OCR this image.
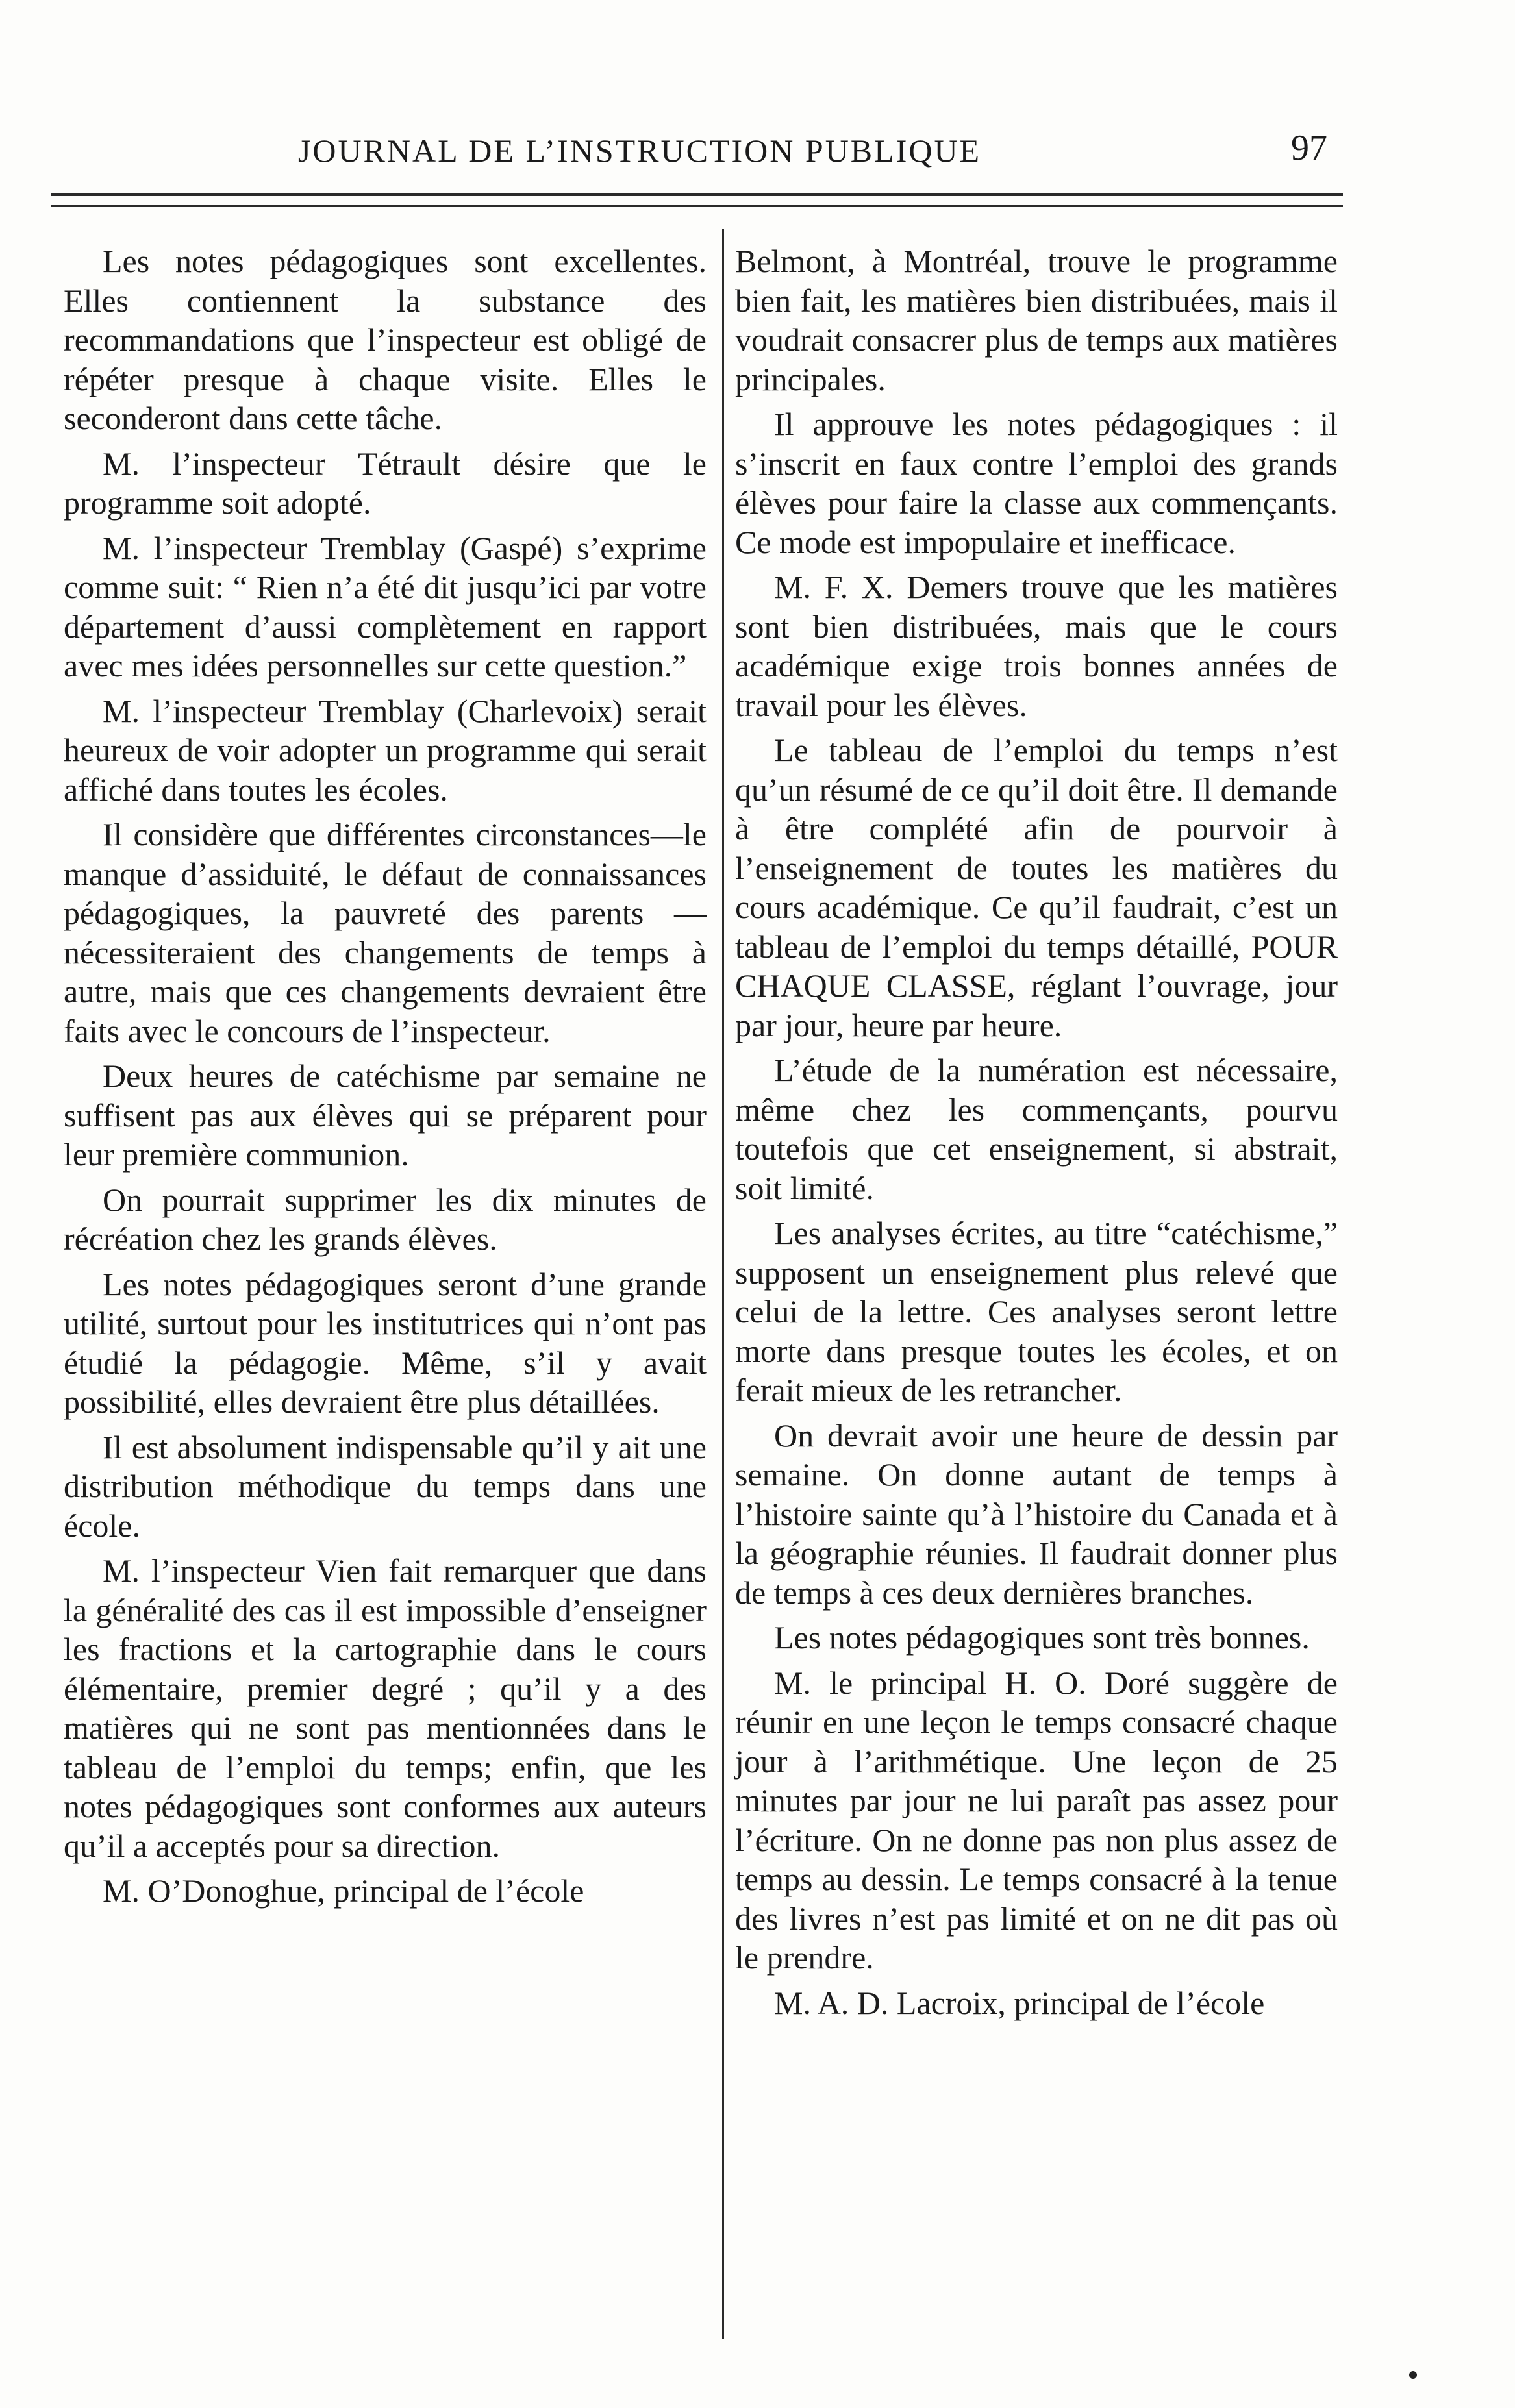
JOURNAL DE L’INSTRUCTION PUBLIQUE	97

Les notes pédagogiques sont excellentes. Elles contiennent la substance des recommandations que l’inspecteur est obligé de répéter presque à chaque visite. Elles le seconderont dans cette tâche.

M. l’inspecteur Tétrault désire que le programme soit adopté.

M. l’inspecteur Tremblay (Gaspé) s’exprime comme suit: “ Rien n’a été dit jusqu’ici par votre département d’aussi complètement en rapport avec mes idées personnelles sur cette question.”

M. l’inspecteur Tremblay (Charlevoix) serait heureux de voir adopter un programme qui serait affiché dans toutes les écoles.

Il considère que différentes circonstances—le manque d’assiduité, le défaut de connaissances pédagogiques, la pauvreté des parents — nécessiteraient des changements de temps à autre, mais que ces changements devraient être faits avec le concours de l’inspecteur.

Deux heures de catéchisme par semaine ne suffisent pas aux élèves qui se préparent pour leur première communion.

On pourrait supprimer les dix minutes de récréation chez les grands élèves.

Les notes pédagogiques seront d’une grande utilité, surtout pour les institutrices qui n’ont pas étudié la pédagogie. Même, s’il y avait possibilité, elles devraient être plus détaillées.

Il est absolument indispensable qu’il y ait une distribution méthodique du temps dans une école.

M. l’inspecteur Vien fait remarquer que dans la généralité des cas il est impossible d’enseigner les fractions et la cartographie dans le cours élémentaire, premier degré ; qu’il y a des matières qui ne sont pas mentionnées dans le tableau de l’emploi du temps; enfin, que les notes pédagogiques sont conformes aux auteurs qu’il a acceptés pour sa direction.

M. O’Donoghue, principal de l’école

Belmont, à Montréal, trouve le programme bien fait, les matières bien distribuées, mais il voudrait consacrer plus de temps aux matières principales.

Il approuve les notes pédagogiques : il s’inscrit en faux contre l’emploi des grands élèves pour faire la classe aux commençants. Ce mode est impopulaire et inefficace.

M. F. X. Demers trouve que les matières sont bien distribuées, mais que le cours académique exige trois bonnes années de travail pour les élèves.

Le tableau de l’emploi du temps n’est qu’un résumé de ce qu’il doit être. Il demande à être complété afin de pourvoir à l’enseignement de toutes les matières du cours académique. Ce qu’il faudrait, c’est un tableau de l’emploi du temps détaillé, POUR CHAQUE CLASSE, réglant l’ouvrage, jour par jour, heure par heure.

L’étude de la numération est nécessaire, même chez les commençants, pourvu toutefois que cet enseignement, si abstrait, soit limité.

Les analyses écrites, au titre “catéchisme,” supposent un enseignement plus relevé que celui de la lettre. Ces analyses seront lettre morte dans presque toutes les écoles, et on ferait mieux de les retrancher.

On devrait avoir une heure de dessin par semaine. On donne autant de temps à l’histoire sainte qu’à l’histoire du Canada et à la géographie réunies. Il faudrait donner plus de temps à ces deux dernières branches.

Les notes pédagogiques sont très bonnes.

M. le principal H. O. Doré suggère de réunir en une leçon le temps consacré chaque jour à l’arithmétique. Une leçon de 25 minutes par jour ne lui paraît pas assez pour l’écriture. On ne donne pas non plus assez de temps au dessin. Le temps consacré à la tenue des livres n’est pas limité et on ne dit pas où le prendre.

M. A. D. Lacroix, principal de l’école
